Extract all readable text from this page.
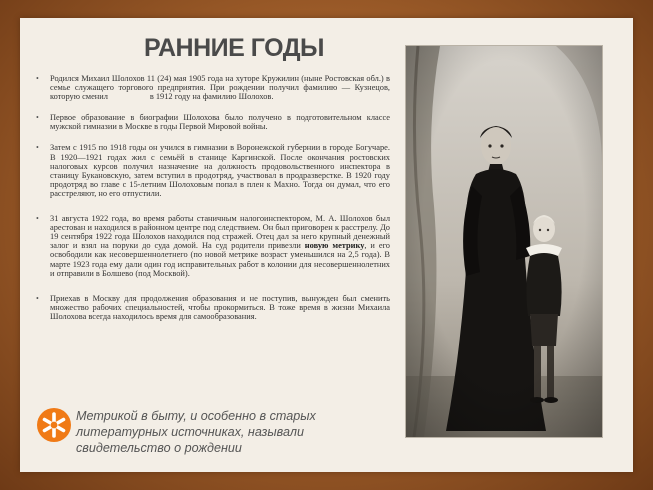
РАННИЕ ГОДЫ
• Родился Михаил Шолохов 11 (24) мая 1905 года на хуторе Кружилин (ныне Ростовская обл.) в семье служащего торгового предприятия. При рождении получил фамилию — Кузнецов, которую сменил                    в 1912 году на фамилию Шолохов.
• Первое образование в биографии Шолохова было получено в подготовительном классе мужской гимназии в Москве в годы Первой Мировой войны.
• Затем с 1915 по 1918 годы он учился в гимназии в Воронежской губернии в городе Богучаре. В 1920—1921 годах жил с семьёй в станице Каргинской. После окончания ростовских налоговых курсов получил назначение на должность продовольственного инспектора в станицу Букановскую, затем вступил в продотряд, участвовал в продразверстке. В 1920 году продотряд во главе с 15-летним Шолоховым попал в плен к Махно. Тогда он думал, что его расстреляют, но его отпустили.
• 31 августа 1922 года, во время работы станичным налогоинспектором, М. А. Шолохов был арестован и находился в районном центре под следствием. Он был приговорен к расстрелу. До 19 сентября 1922 года Шолохов находился под стражей. Отец дал за него крупный денежный залог и взял на поруки до суда домой. На суд родители привезли новую метрику, и его освободили как несовершеннолетнего (по новой метрике возраст уменьшился на 2,5 года). В марте 1923 года ему дали один год исправительных работ в колонии для несовершеннолетних и отправили в Болшево (под Москвой).
• Приехав в Москву для продолжения образования и не поступив, вынужден был сменить множество рабочих специальностей, чтобы прокормиться. В тоже время в жизни Михаила Шолохова всегда находилось время для самообразования.
Метрикой в быту, и особенно в старых литературных источниках, называли свидетельство о рождении
